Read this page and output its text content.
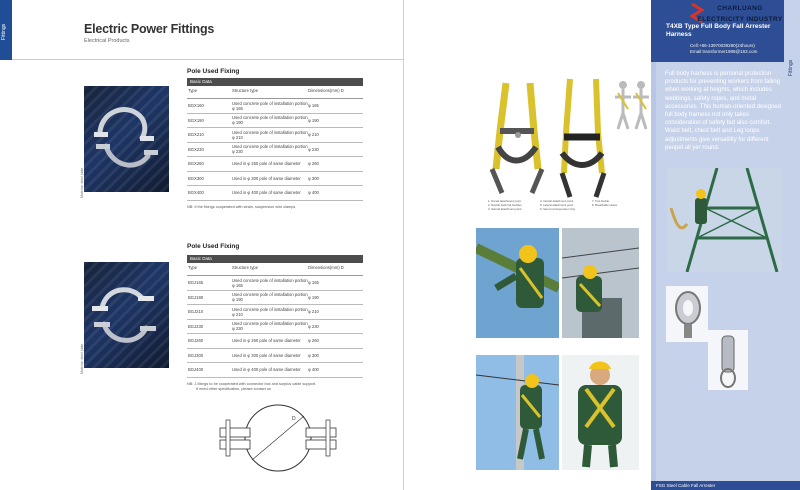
Fittings	Electric Power Fittings
Electrical Products
Material: steel plate
Pole Used Fixing
Basic Data
Type	Structure type	Dimensions(mm) D
BGX160	Used concrete pole of installation portion φ 165	φ 165
BGX190	Used concrete pole of installation portion φ 190	φ 190
BGX210	Used concrete pole of installation portion φ 210	φ 210
BGX230	Used concrete pole of installation portion φ 230	φ 230
BGX260	Used in φ 260 pole of same diameter	φ 260
BGX300	Used in φ 300 pole of same diameter	φ 300
BGX400	Used in φ 400 pole of same diameter	φ 400
NB: It the fixings cooperated with strain, suspension wire clamps
Material: steel plate
Pole Used Fixing
Basic Data
Type	Structure type	Dimensions(mm) D
BGJ165	Used concrete pole of installation portion φ 165	φ 165
BGJ190	Used concrete pole of installation portion φ 190	φ 190
BGJ210	Used concrete pole of installation portion φ 210	φ 210
BGJ230	Used concrete pole of installation portion φ 230	φ 230
BGJ260	Used in φ 260 pole of same diameter	φ 260
BGJ300	Used in φ 300 pole of same diameter	φ 300
BGJ400	Used in φ 400 pole of same diameter	φ 400
NB: J-fixings to be cooperated with connector box and surplus cable support.
If need other specification, please contact us
D
1. Dorsal attachment point
2. Double back hat buckles
3. Sternal attachment point
4. Ventral attachment point
5. Lateral attachment point
6. Semi-rod suspension ring
7. Tool buckle
8. Breathable straps
Fittings
CHARLUANG ELECTRICITY INDUSTRY
T4XB Type Full Body Fall Arrester Harness
Cell:+86-13970039280(24hours)
Email:transformer1988@163.com
Full body harness is personal protection products for preventing workers from falling when working at heights, which includes webbings, safety ropes, and metal accessories. This human-oriented designed full body harness not only takes consideration of safety but also comfort. Waist belt, chest belt and Leg loops adjustments give versatility for different peopel all yer round.
FSG Steel Cable Fall Arrester
